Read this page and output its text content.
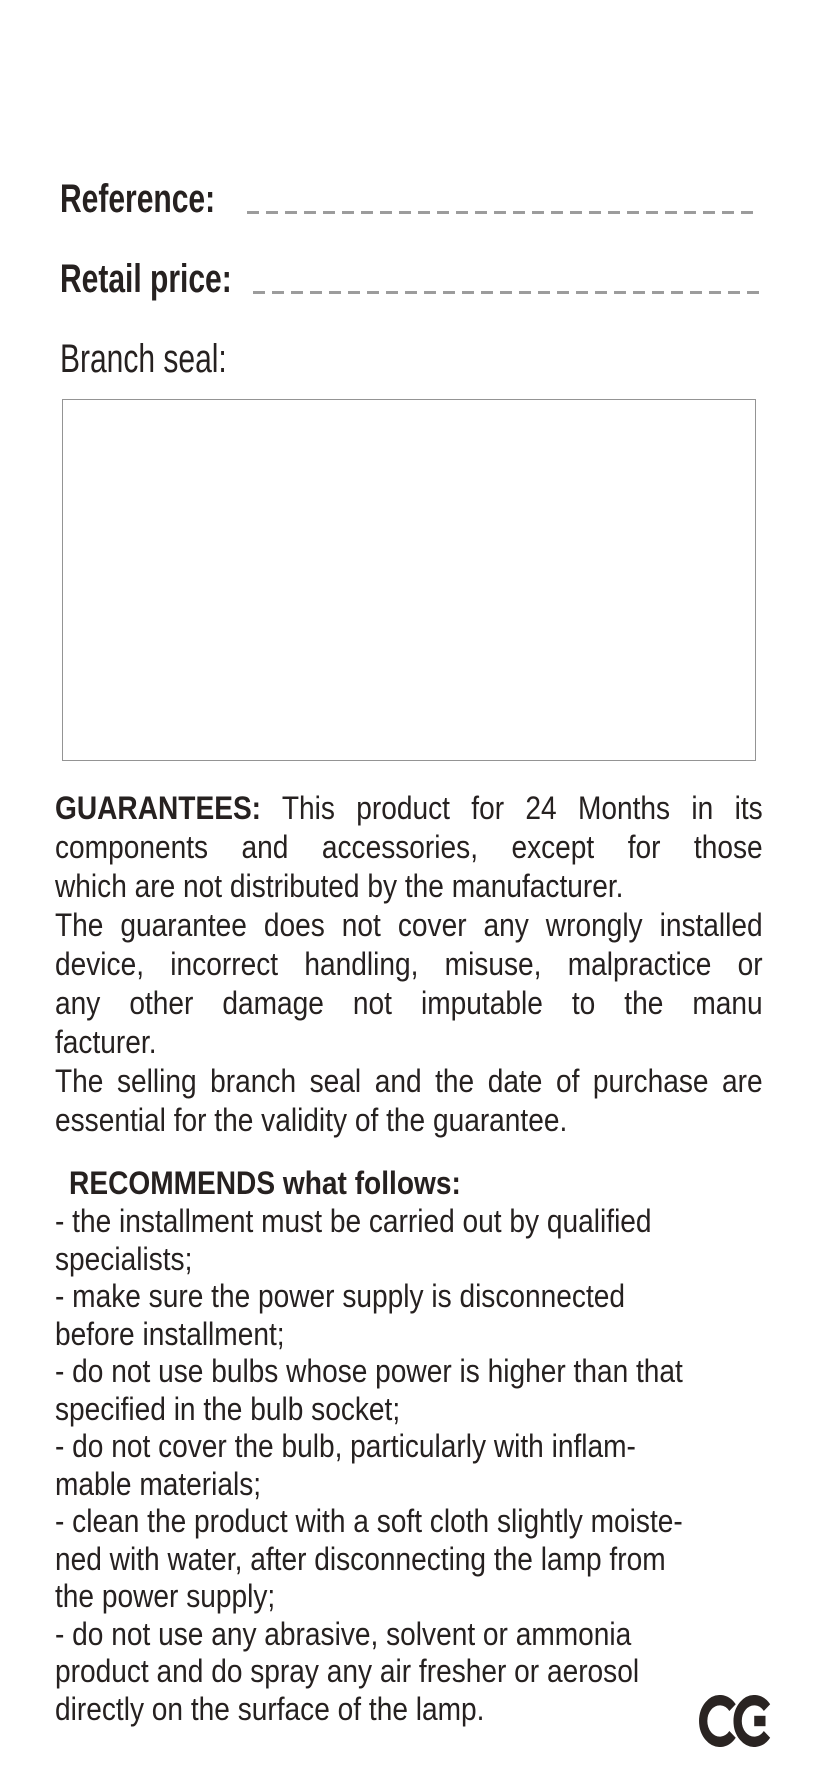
Reference:
Retail price:
Branch seal:
GUARANTEES: This product for 24 Months in its
components and accessories, except for those
which are not distributed by the manufacturer.
The guarantee does not cover any wrongly installed
device, incorrect handling, misuse, malpractice or
any other damage not imputable to the manu
facturer.
The selling branch seal and the date of purchase are
essential for the validity of the guarantee.
RECOMMENDS what follows:
- the installment must be carried out by qualified
specialists;
- make sure the power supply is disconnected
before installment;
- do not use bulbs whose power is higher than that
specified in the bulb socket;
- do not cover the bulb, particularly with inflam-
mable materials;
- clean the product with a soft cloth slightly moiste-
ned with water, after disconnecting the lamp from
the power supply;
- do not use any abrasive, solvent or ammonia
product and do spray any air fresher or aerosol
directly on the surface of the lamp.
